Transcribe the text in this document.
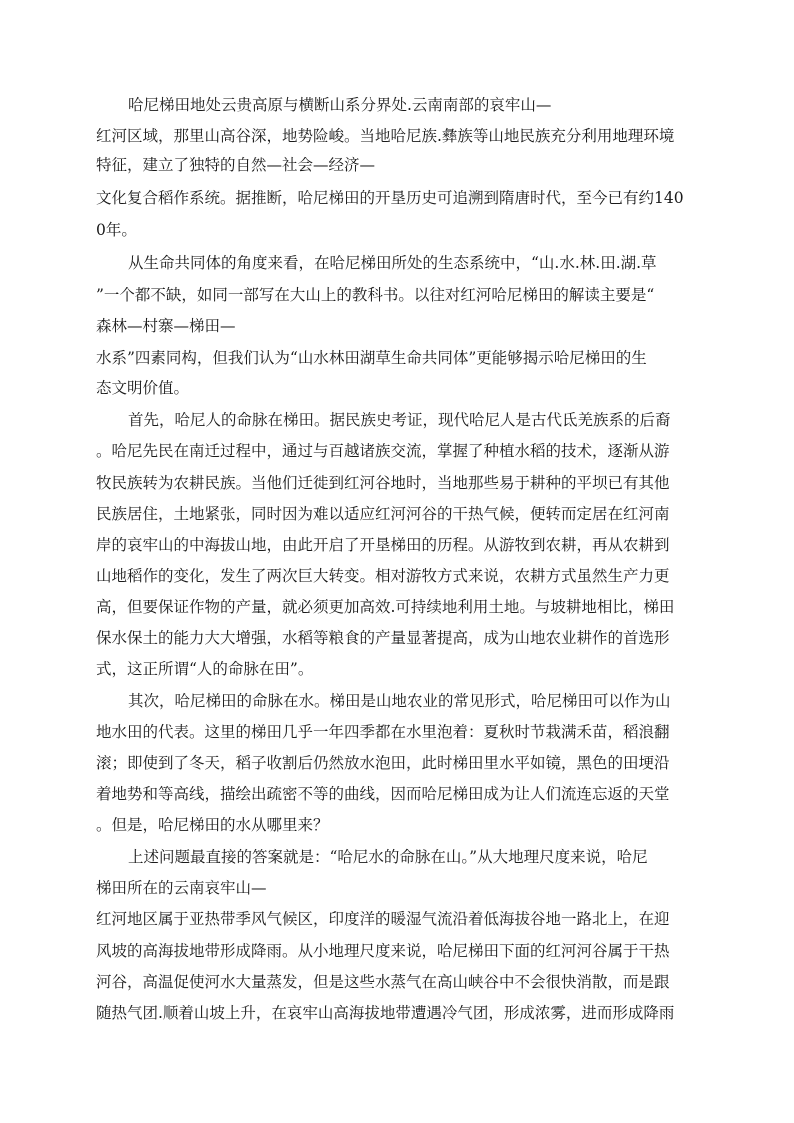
哈尼梯田地处云贵高原与横断山系分界处.云南南部的哀牢山—
红河区域，那里山高谷深，地势险峻。当地哈尼族.彝族等山地民族充分利用地理环境
特征，建立了独特的自然—社会—经济—
文化复合稻作系统。据推断，哈尼梯田的开垦历史可追溯到隋唐时代，至今已有约140
0年。
从生命共同体的角度来看，在哈尼梯田所处的生态系统中，“山.水.林.田.湖.草
”一个都不缺，如同一部写在大山上的教科书。以往对红河哈尼梯田的解读主要是“
森林—村寨—梯田—
水系”四素同构，但我们认为“山水林田湖草生命共同体”更能够揭示哈尼梯田的生
态文明价值。
首先，哈尼人的命脉在梯田。据民族史考证，现代哈尼人是古代氐羌族系的后裔
。哈尼先民在南迁过程中，通过与百越诸族交流，掌握了种植水稻的技术，逐渐从游
牧民族转为农耕民族。当他们迁徙到红河谷地时，当地那些易于耕种的平坝已有其他
民族居住，土地紧张，同时因为难以适应红河河谷的干热气候，便转而定居在红河南
岸的哀牢山的中海拔山地，由此开启了开垦梯田的历程。从游牧到农耕，再从农耕到
山地稻作的变化，发生了两次巨大转变。相对游牧方式来说，农耕方式虽然生产力更
高，但要保证作物的产量，就必须更加高效.可持续地利用土地。与坡耕地相比，梯田
保水保土的能力大大增强，水稻等粮食的产量显著提高，成为山地农业耕作的首选形
式，这正所谓“人的命脉在田”。
其次，哈尼梯田的命脉在水。梯田是山地农业的常见形式，哈尼梯田可以作为山
地水田的代表。这里的梯田几乎一年四季都在水里泡着：夏秋时节栽满禾苗，稻浪翻
滚；即使到了冬天，稻子收割后仍然放水泡田，此时梯田里水平如镜，黑色的田埂沿
着地势和等高线，描绘出疏密不等的曲线，因而哈尼梯田成为让人们流连忘返的天堂
。但是，哈尼梯田的水从哪里来？
上述问题最直接的答案就是：“哈尼水的命脉在山。”从大地理尺度来说，哈尼
梯田所在的云南哀牢山—
红河地区属于亚热带季风气候区，印度洋的暖湿气流沿着低海拔谷地一路北上，在迎
风坡的高海拔地带形成降雨。从小地理尺度来说，哈尼梯田下面的红河河谷属于干热
河谷，高温促使河水大量蒸发，但是这些水蒸气在高山峡谷中不会很快消散，而是跟
随热气团.顺着山坡上升，在哀牢山高海拔地带遭遇冷气团，形成浓雾，进而形成降雨
